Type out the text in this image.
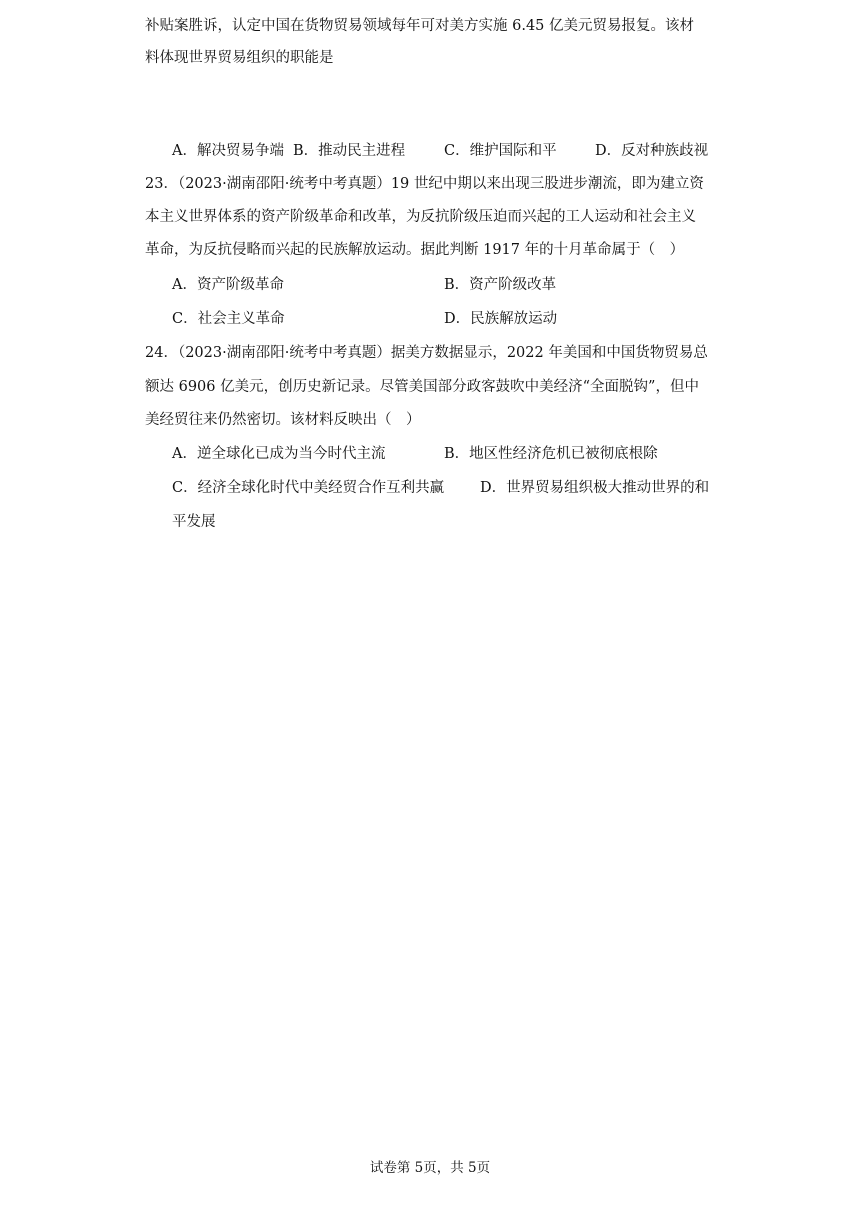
补贴案胜诉，认定中国在货物贸易领域每年可对美方实施 6.45 亿美元贸易报复。该材
料体现世界贸易组织的职能是
A．解决贸易争端 B．推动民主进程	C．维护国际和平	D．反对种族歧视
23．（2023·湖南邵阳·统考中考真题）19 世纪中期以来出现三股进步潮流，即为建立资
本主义世界体系的资产阶级革命和改革，为反抗阶级压迫而兴起的工人运动和社会主义
革命，为反抗侵略而兴起的民族解放运动。据此判断 1917 年的十月革命属于（　）
A．资产阶级革命	B．资产阶级改革
C．社会主义革命	D．民族解放运动
24．（2023·湖南邵阳·统考中考真题）据美方数据显示，2022 年美国和中国货物贸易总
额达 6906 亿美元，创历史新记录。尽管美国部分政客鼓吹中美经济“全面脱钩”，但中
美经贸往来仍然密切。该材料反映出（　）
A．逆全球化已成为当今时代主流	B．地区性经济危机已被彻底根除
C．经济全球化时代中美经贸合作互利共赢 D．世界贸易组织极大推动世界的和
平发展
试卷第 5页，共 5页
